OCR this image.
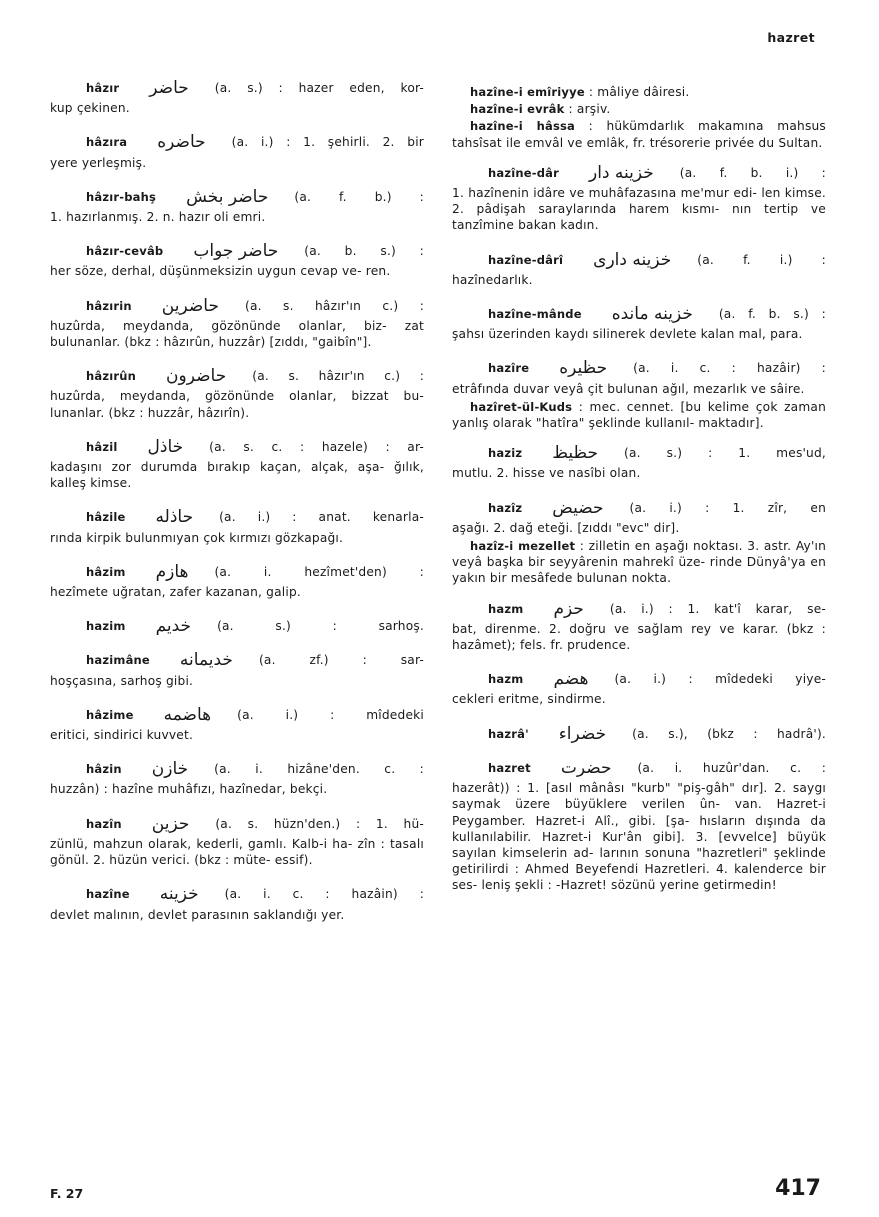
hazret
hâzır حاضر (a. s.) : hazer eden, kor-
kup çekinen.
hâzıra حاضره (a. i.) : 1. şehirli. 2. bir
yere yerleşmiş.
hâzır-bahş حاضر بخش (a. f. b.) :
1. hazırlanmış. 2. n. hazır oli emri.
hâzır-cevâb حاضر جواب (a. b. s.) :
her söze, derhal, düşünmeksizin uygun cevap ve- ren.
hâzırin حاضرين (a. s. hâzır'ın c.) :
huzûrda, meydanda, gözönünde olanlar, biz- zat bulunanlar. (bkz : hâzırûn, huzzâr) [zıddı, "gaibîn"].
hâzırûn حاضرون (a. s. hâzır'ın c.) :
huzûrda, meydanda, gözönünde olanlar, bizzat bu- lunanlar. (bkz : huzzâr, hâzırîn).
hâzil خاذل (a. s. c. : hazele) : ar-
kadaşını zor durumda bırakıp kaçan, alçak, aşa- ğılık, kalleş kimse.
hâzile حاذله (a. i.) : anat. kenarla-
rında kirpik bulunmıyan çok kırmızı gözkapağı.
hâzim هازم (a. i. hezîmet'den) :
hezîmete uğratan, zafer kazanan, galip.
hazim خديم (a. s.) : sarhoş.
hazimâne خديمانه (a. zf.) : sar-
hoşçasına, sarhoş gibi.
hâzime هاضمه (a. i.) : mîdedeki
eritici, sindirici kuvvet.
hâzin خازن (a. i. hizâne'den. c. :
huzzân) : hazîne muhâfızı, hazînedar, bekçi.
hazîn حزين (a. s. hüzn'den.) : 1. hü-
zünlü, mahzun olarak, kederli, gamlı. Kalb-i ha- zîn : tasalı gönül. 2. hüzün verici. (bkz : müte- essif).
hazîne خزينه (a. i. c. : hazâin) :
devlet malının, devlet parasının saklandığı yer.
hazîne-i emîriyye : mâliye dâiresi.
hazîne-i evrâk : arşiv.
hazîne-i hâssa : hükümdarlık makamına mahsus tahsîsat ile emvâl ve emlâk, fr. trésorerie privée du Sultan.
hazîne-dâr خزينه دار (a. f. b. i.) :
1. hazînenin idâre ve muhâfazasına me'mur edi- len kimse. 2. pâdişah saraylarında harem kısmı- nın tertip ve tanzîmine bakan kadın.
hazîne-dârî خزينه دارى (a. f. i.) :
hazînedarlık.
hazîne-mânde خزينه مانده (a. f. b. s.) :
şahsı üzerinden kaydı silinerek devlete kalan mal, para.
hazîre حظيره (a. i. c. : hazâir) :
etrâfında duvar veyâ çit bulunan ağıl, mezarlık ve sâire.
hazîret-ül-Kuds : mec. cennet. [bu kelime çok zaman yanlış olarak "hatîra" şeklinde kullanıl- maktadır].
haziz حظيظ (a. s.) : 1. mes'ud,
mutlu. 2. hisse ve nasîbi olan.
hazîz حضيض (a. i.) : 1. zîr, en
aşağı. 2. dağ eteği. [zıddı "evc" dir].
hazîz-i mezellet : zilletin en aşağı noktası. 3. astr. Ay'ın veyâ başka bir seyyârenin mahrekî üze- rinde Dünyâ'ya en yakın bir mesâfede bulunan nokta.
hazm حزم (a. i.) : 1. kat'î karar, se-
bat, direnme. 2. doğru ve sağlam rey ve karar. (bkz : hazâmet); fels. fr. prudence.
hazm هضم (a. i.) : mîdedeki yiye-
cekleri eritme, sindirme.
hazrâ' خضراء (a. s.), (bkz : hadrâ').
hazret حضرت (a. i. huzûr'dan. c. :
hazerât)) : 1. [asıl mânâsı "kurb" "piş-gâh" dır]. 2. saygı saymak üzere büyüklere verilen ûn- van. Hazret-i Peygamber. Hazret-i Alî., gibi. [şa- hısların dışında da kullanılabilir. Hazret-i Kur'ân gibi]. 3. [evvelce] büyük sayılan kimselerin ad- larının sonuna "hazretleri" şeklinde getirilirdi : Ahmed Beyefendi Hazretleri. 4. kalenderce bir ses- leniş şekli : -Hazret! sözünü yerine getirmedin!
F. 27	417
